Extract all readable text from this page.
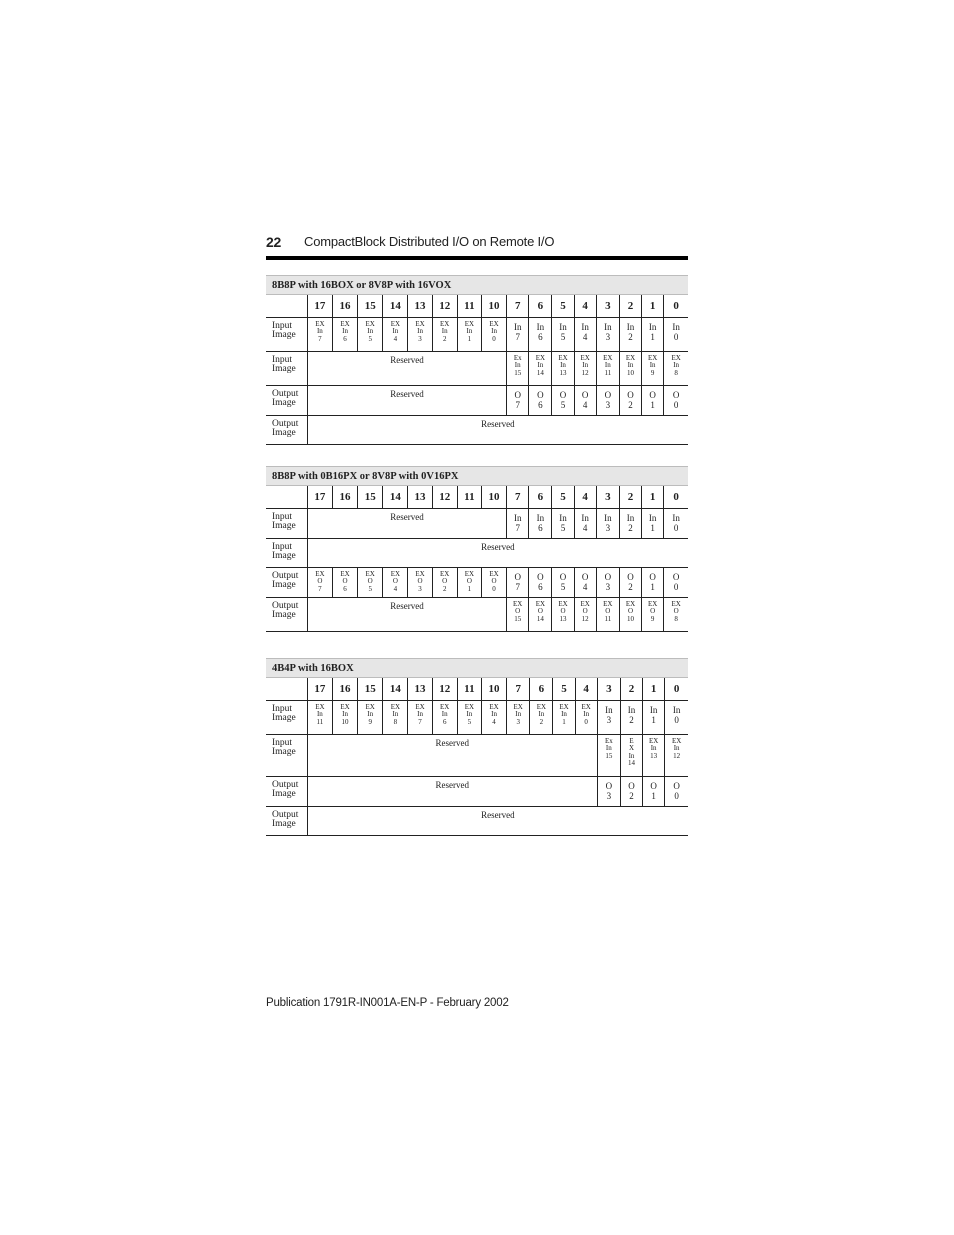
22 CompactBlock Distributed I/O on Remote I/O
8B8P with 16BOX or 8V8P with 16VOX
	17	16	15	14	13	12	11	10	7	6	5	4	3	2	1	0
Input
Image	EX
In
7	EX
In
6	EX
In
5	EX
In
4	EX
In
3	EX
In
2	EX
In
1	EX
In
0	In
7	In
6	In
5	In
4	In
3	In
2	In
1	In
0
Input
Image	Reserved								Ex
In
15	EX
In
14	EX
In
13	EX
In
12	EX
In
11	EX
In
10	EX
In
9	EX
In
8
Output
Image	Reserved								O
7	O
6	O
5	O
4	O
3	O
2	O
1	O
0
Output
Image	Reserved															
8B8P with 0B16PX or 8V8P with 0V16PX
	17	16	15	14	13	12	11	10	7	6	5	4	3	2	1	0
Input
Image	Reserved								In
7	In
6	In
5	In
4	In
3	In
2	In
1	In
0
Input
Image	Reserved															
Output
Image	EX
O
7	EX
O
6	EX
O
5	EX
O
4	EX
O
3	EX
O
2	EX
O
1	EX
O
0	O
7	O
6	O
5	O
4	O
3	O
2	O
1	O
0
Output
Image	Reserved								EX
O
15	EX
O
14	EX
O
13	EX
O
12	EX
O
11	EX
O
10	EX
O
9	EX
O
8
4B4P with 16BOX
	17	16	15	14	13	12	11	10	7	6	5	4	3	2	1	0
Input
Image	EX
In
11	EX
In
10	EX
In
9	EX
In
8	EX
In
7	EX
In
6	EX
In
5	EX
In
4	EX
In
3	EX
In
2	EX
In
1	EX
In
0	In
3	In
2	In
1	In
0
Input
Image	Reserved												Ex
In
15	E
X
In
14	EX
In
13	EX
In
12
Output
Image	Reserved												O
3	O
2	O
1	O
0
Output
Image	Reserved															
Publication 1791R-IN001A-EN-P - February 2002
